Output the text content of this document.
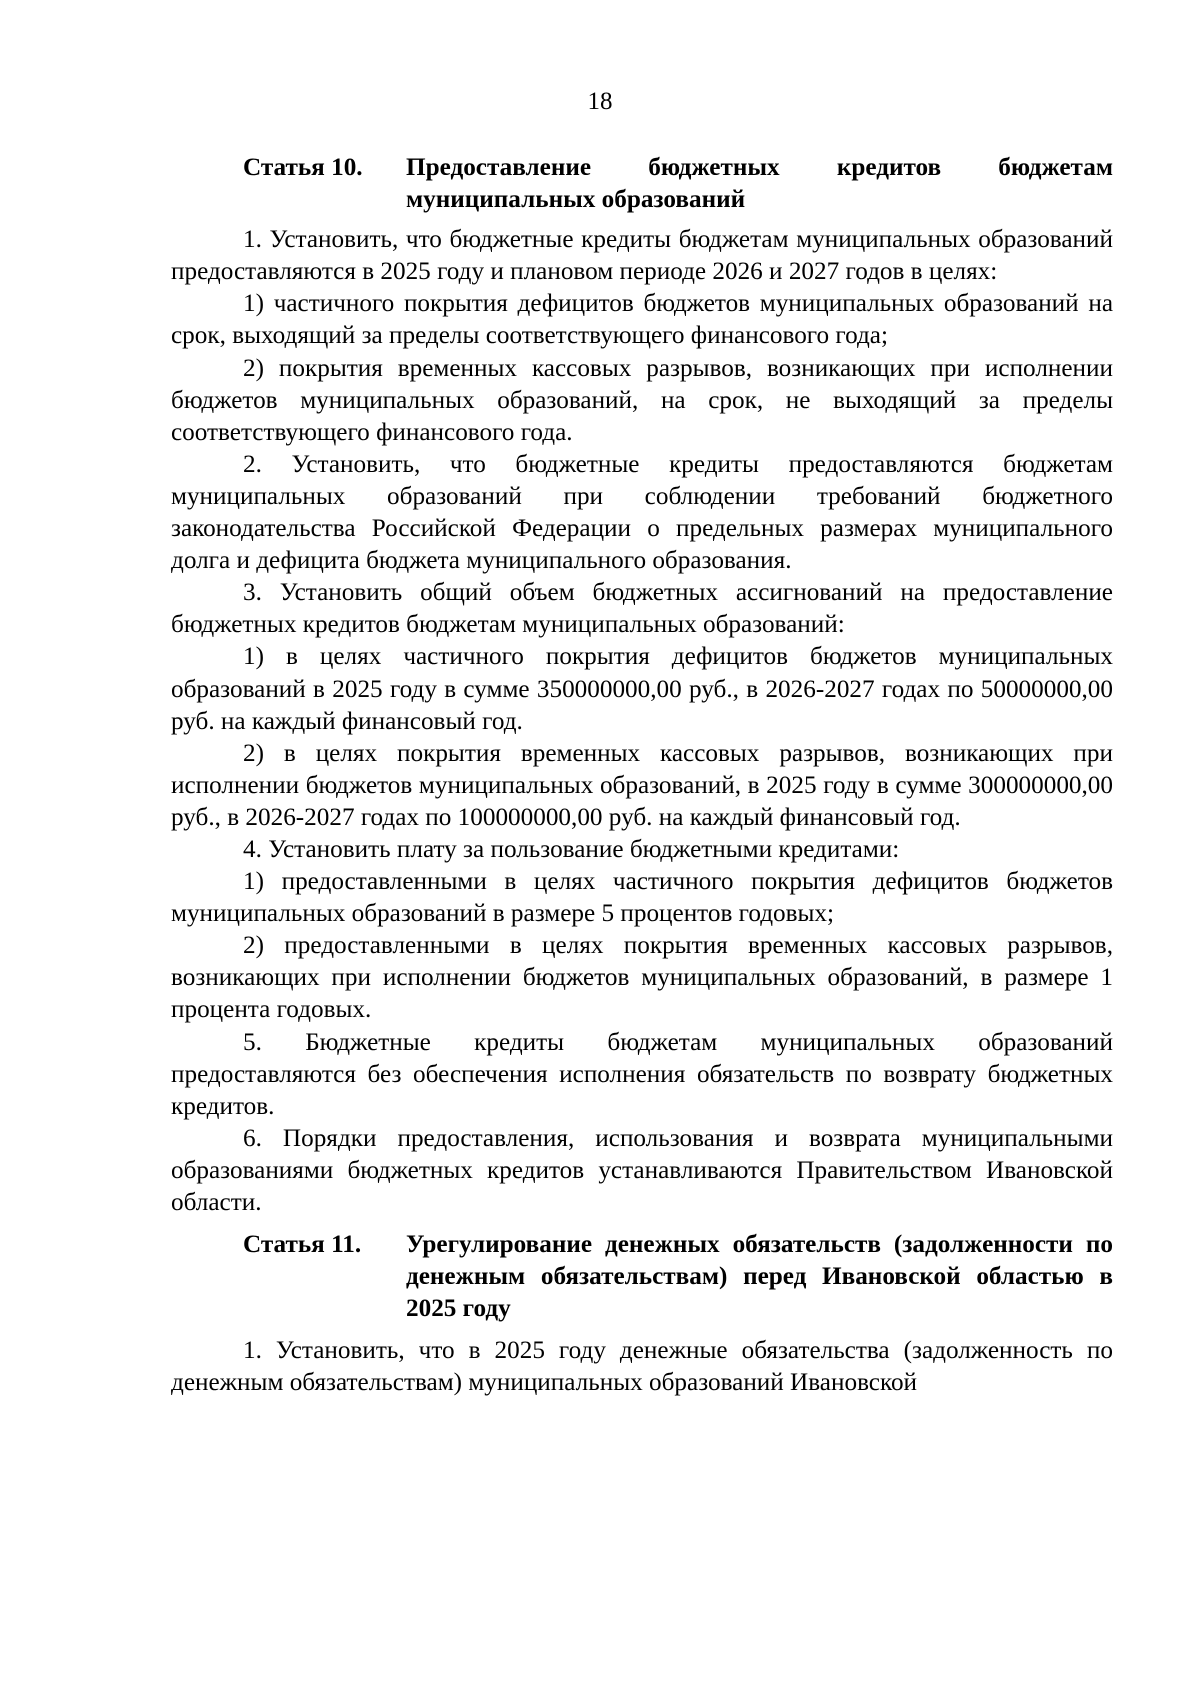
18
Статья 10.	Предоставление бюджетных кредитов бюджетам муниципальных образований

1. Установить, что бюджетные кредиты бюджетам муниципальных образований предоставляются в 2025 году и плановом периоде 2026 и 2027 годов в целях:

1) частичного покрытия дефицитов бюджетов муниципальных образований на срок, выходящий за пределы соответствующего финансового года;

2) покрытия временных кассовых разрывов, возникающих при исполнении бюджетов муниципальных образований, на срок, не выходящий за пределы соответствующего финансового года.

2. Установить, что бюджетные кредиты предоставляются бюджетам муниципальных образований при соблюдении требований бюджетного законодательства Российской Федерации о предельных размерах муниципального долга и дефицита бюджета муниципального образования.

3. Установить общий объем бюджетных ассигнований на предоставление бюджетных кредитов бюджетам муниципальных образований:

1) в целях частичного покрытия дефицитов бюджетов муниципальных образований в 2025 году в сумме 350000000,00 руб., в 2026-2027 годах по 50000000,00 руб. на каждый финансовый год.

2) в целях покрытия временных кассовых разрывов, возникающих при исполнении бюджетов муниципальных образований, в 2025 году в сумме 300000000,00 руб., в 2026-2027 годах по 100000000,00 руб. на каждый финансовый год.

4. Установить плату за пользование бюджетными кредитами:

1) предоставленными в целях частичного покрытия дефицитов бюджетов муниципальных образований в размере 5 процентов годовых;

2) предоставленными в целях покрытия временных кассовых разрывов, возникающих при исполнении бюджетов муниципальных образований, в размере 1 процента годовых.

5. Бюджетные кредиты бюджетам муниципальных образований предоставляются без обеспечения исполнения обязательств по возврату бюджетных кредитов.

6. Порядки предоставления, использования и возврата муниципальными образованиями бюджетных кредитов устанавливаются Правительством Ивановской области.

Статья 11.	Урегулирование денежных обязательств (задолженности по денежным обязательствам) перед Ивановской областью в 2025 году

1. Установить, что в 2025 году денежные обязательства (задолженность по денежным обязательствам) муниципальных образований Ивановской
